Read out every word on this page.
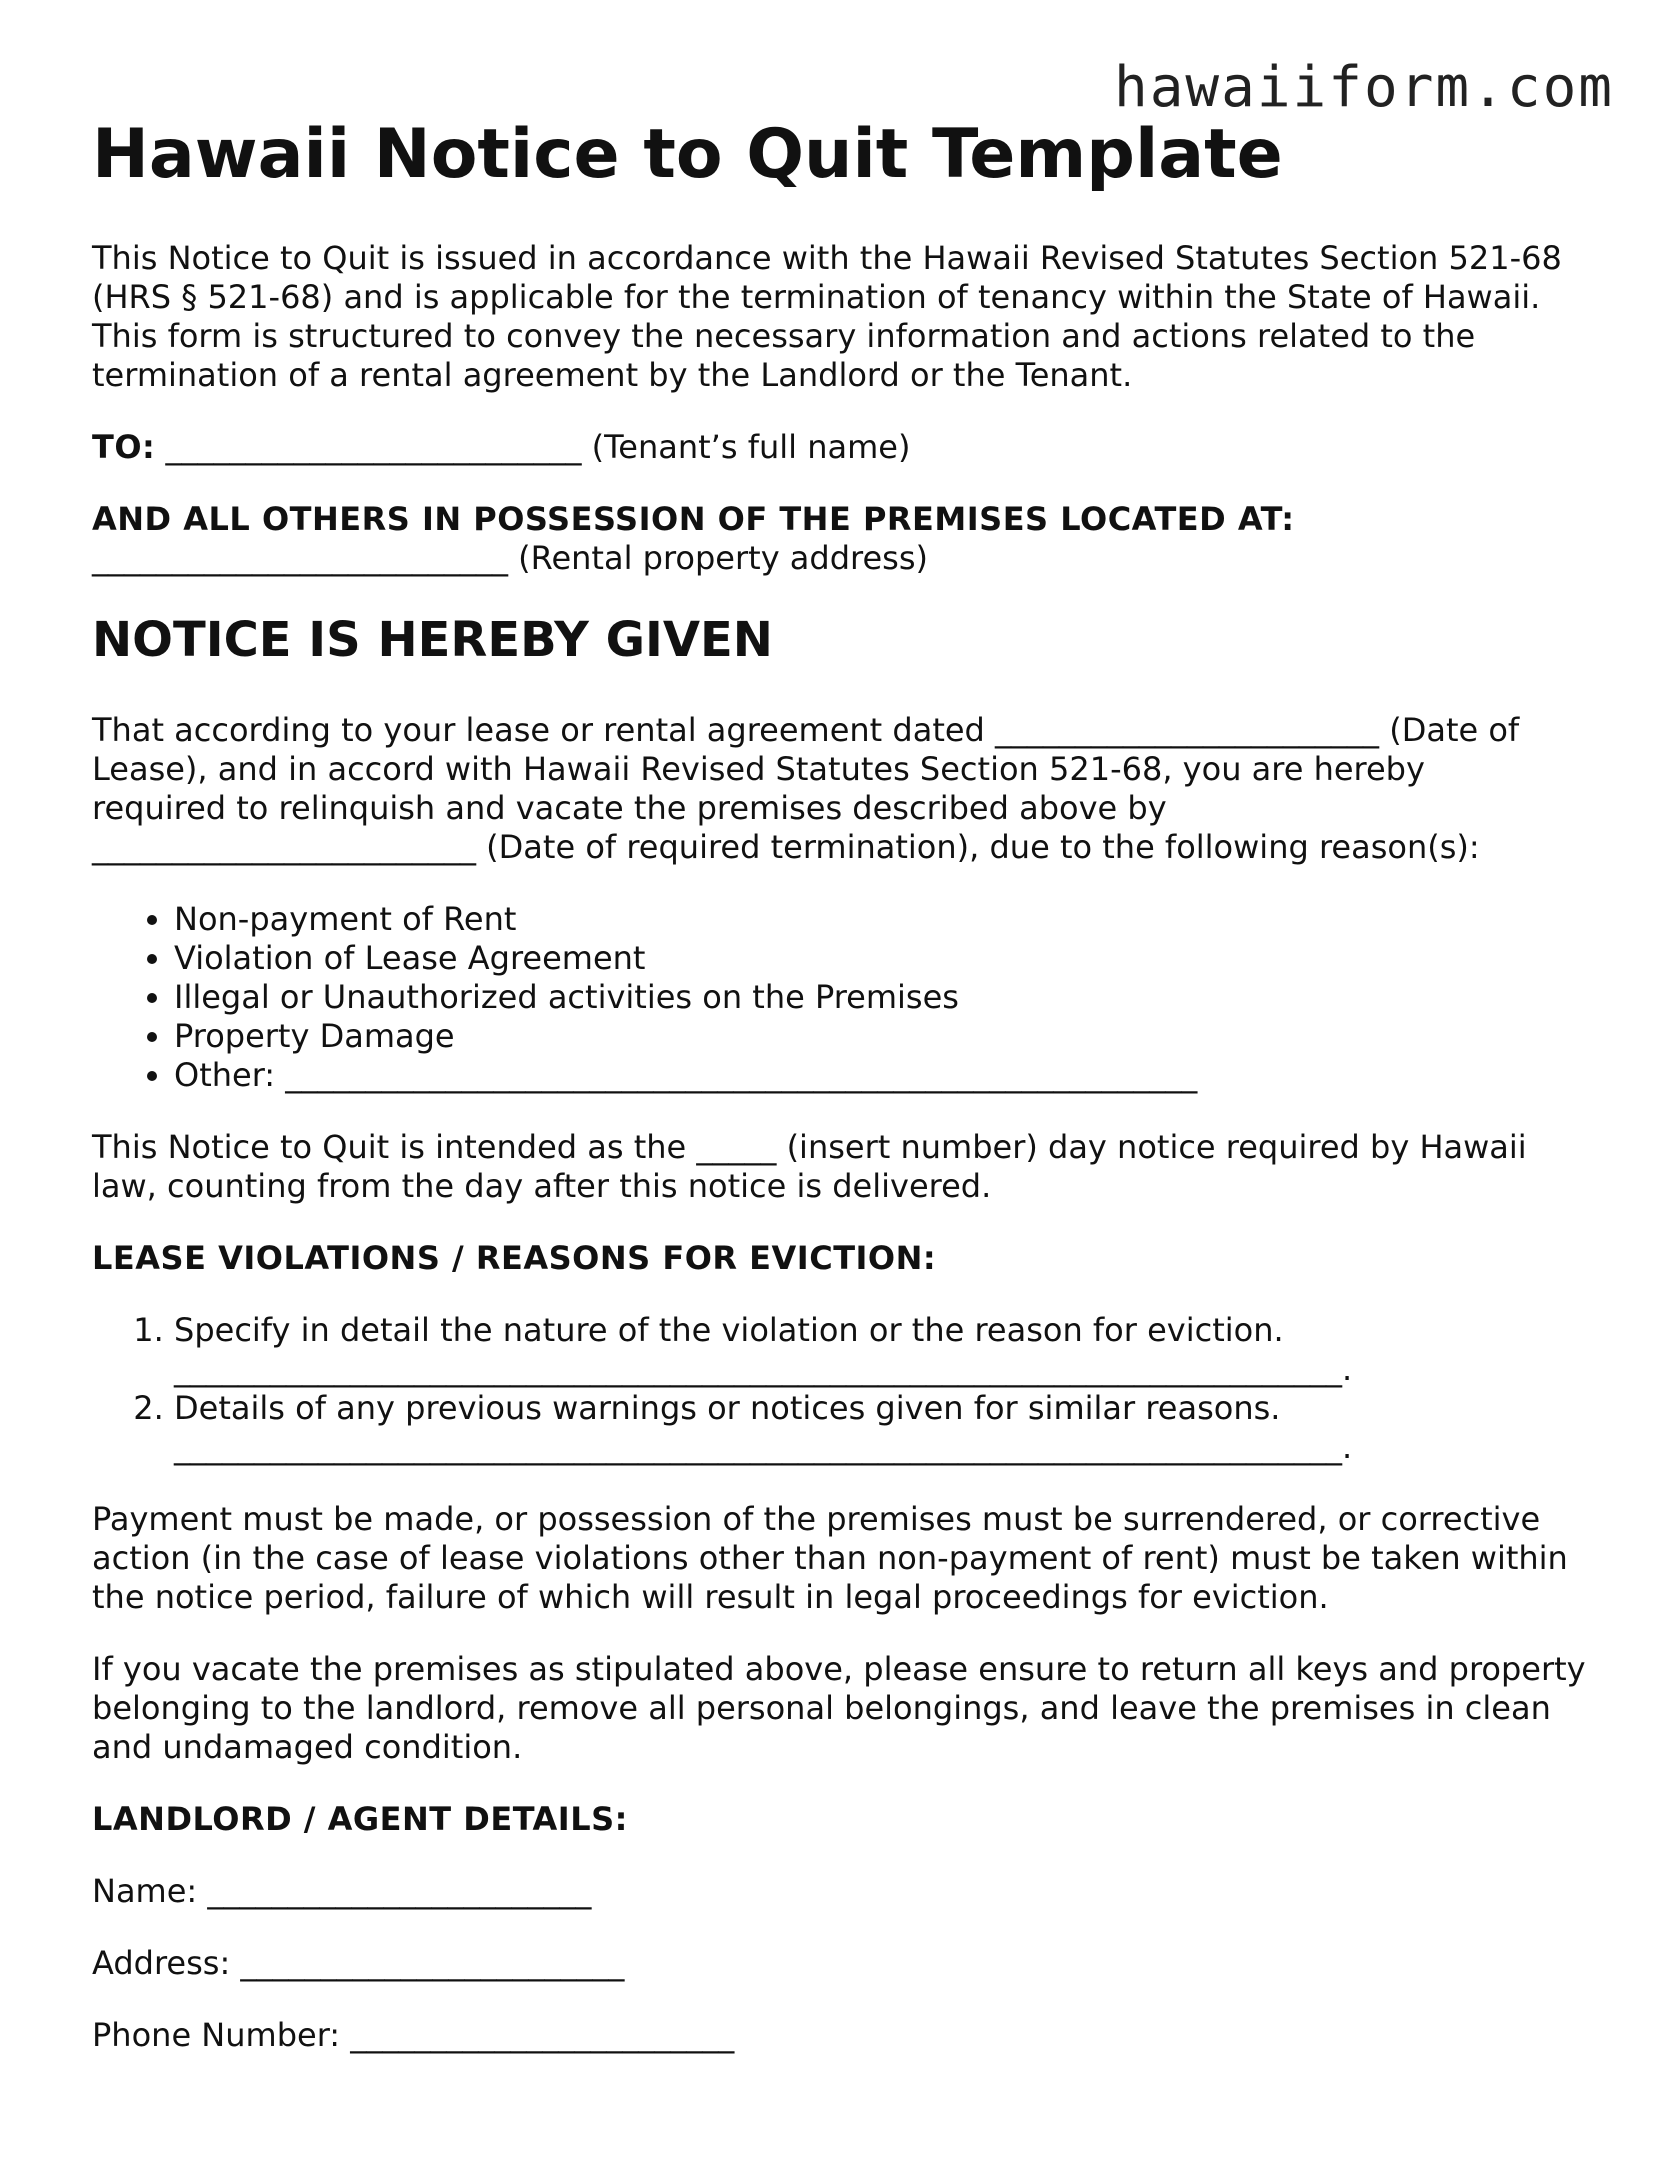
hawaiiform.com
Hawaii Notice to Quit Template

This Notice to Quit is issued in accordance with the Hawaii Revised Statutes Section 521-68 (HRS § 521-68) and is applicable for the termination of tenancy within the State of Hawaii. This form is structured to convey the necessary information and actions related to the termination of a rental agreement by the Landlord or the Tenant.

TO: __________________________ (Tenant’s full name)

AND ALL OTHERS IN POSSESSION OF THE PREMISES LOCATED AT:
__________________________ (Rental property address)

NOTICE IS HEREBY GIVEN

That according to your lease or rental agreement dated ________________________ (Date of
Lease), and in accord with Hawaii Revised Statutes Section 521-68, you are hereby
required to relinquish and vacate the premises described above by
________________________ (Date of required termination), due to the following reason(s):

• Non-payment of Rent
• Violation of Lease Agreement
• Illegal or Unauthorized activities on the Premises
• Property Damage
• Other: _________________________________________________________

This Notice to Quit is intended as the _____ (insert number) day notice required by Hawaii law, counting from the day after this notice is delivered.

LEASE VIOLATIONS / REASONS FOR EVICTION:

1. Specify in detail the nature of the violation or the reason for eviction.
_________________________________________________________________________.
2. Details of any previous warnings or notices given for similar reasons.
_________________________________________________________________________.

Payment must be made, or possession of the premises must be surrendered, or corrective action (in the case of lease violations other than non-payment of rent) must be taken within the notice period, failure of which will result in legal proceedings for eviction.

If you vacate the premises as stipulated above, please ensure to return all keys and property belonging to the landlord, remove all personal belongings, and leave the premises in clean and undamaged condition.

LANDLORD / AGENT DETAILS:

Name: ________________________

Address: ________________________

Phone Number: ________________________
